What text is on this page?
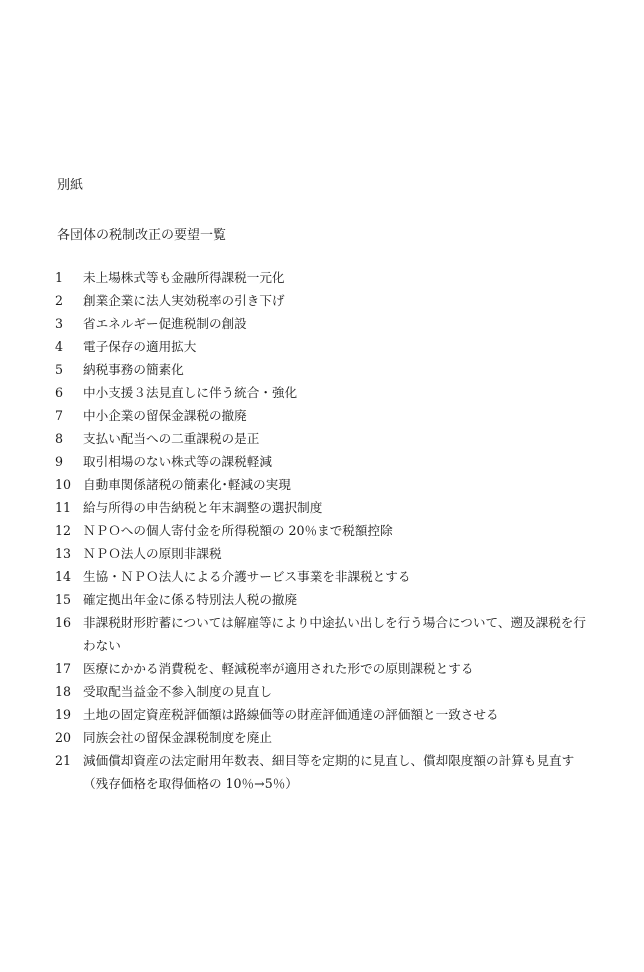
別紙
各団体の税制改正の要望一覧
1	未上場株式等も金融所得課税一元化
2	創業企業に法人実効税率の引き下げ
3	省エネルギー促進税制の創設
4	電子保存の適用拡大
5	納税事務の簡素化
6	中小支援３法見直しに伴う統合・強化
7	中小企業の留保金課税の撤廃
8	支払い配当への二重課税の是正
9	取引相場のない株式等の課税軽減
10 自動車関係諸税の簡素化･軽減の実現
11 給与所得の申告納税と年末調整の選択制度
12 ＮＰＯへの個人寄付金を所得税額の 20％まで税額控除
13 ＮＰＯ法人の原則非課税
14 生協・ＮＰＯ法人による介護サービス事業を非課税とする
15 確定拠出年金に係る特別法人税の撤廃
16 非課税財形貯蓄については解雇等により中途払い出しを行う場合について、遡及課税を行わない
17 医療にかかる消費税を、軽減税率が適用された形での原則課税とする
18 受取配当益金不参入制度の見直し
19 土地の固定資産税評価額は路線価等の財産評価通達の評価額と一致させる
20 同族会社の留保金課税制度を廃止
21 減価償却資産の法定耐用年数表、細目等を定期的に見直し、償却限度額の計算も見直す（残存価格を取得価格の 10％→5％）
